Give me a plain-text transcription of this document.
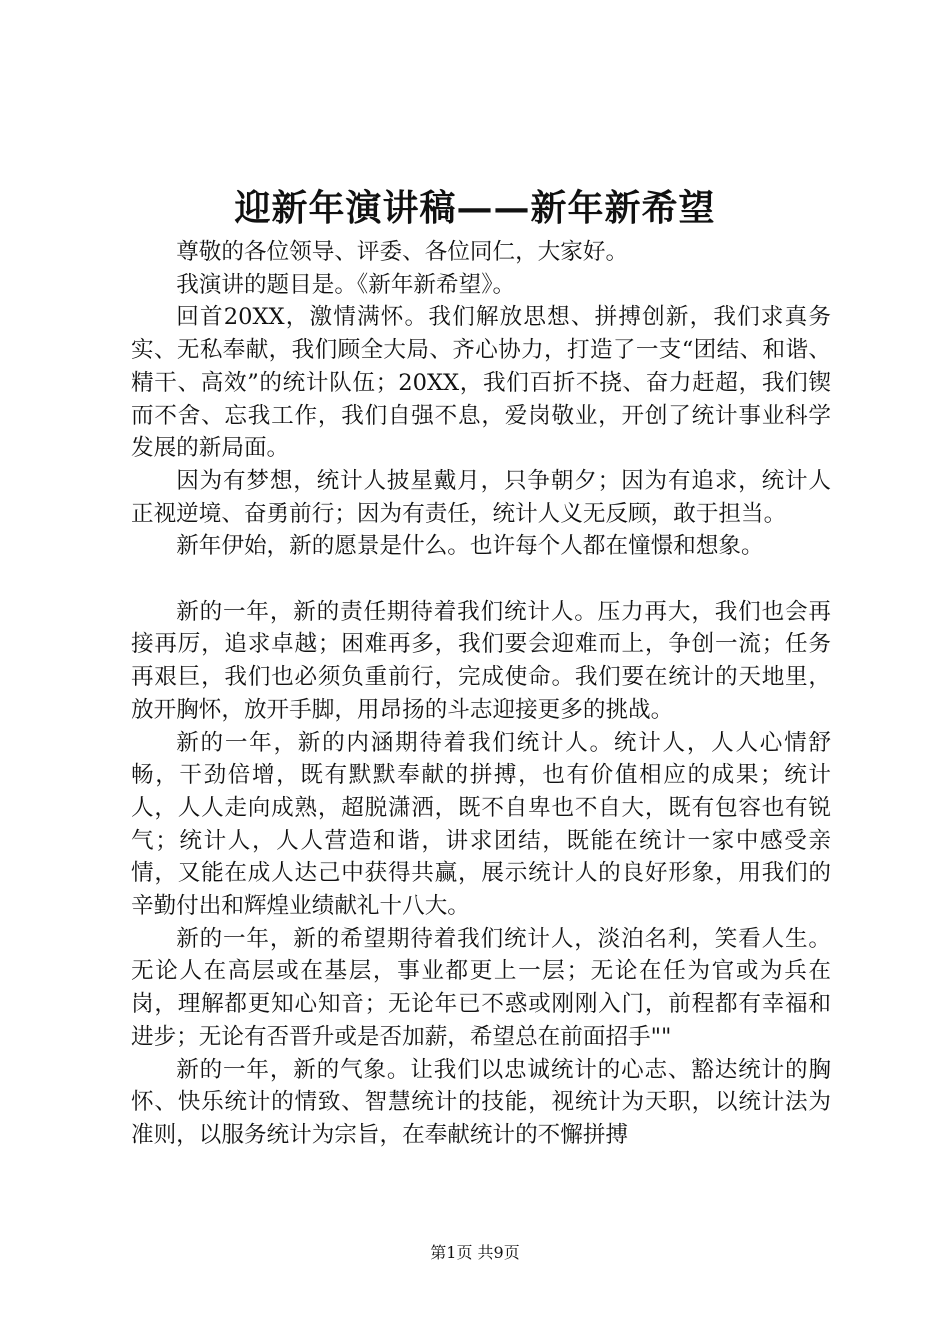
迎新年演讲稿——新年新希望

尊敬的各位领导、评委、各位同仁，大家好。

我演讲的题目是。《新年新希望》。

回首20XX，激情满怀。我们解放思想、拼搏创新，我们求真务实、无私奉献，我们顾全大局、齐心协力，打造了一支“团结、和谐、精干、高效”的统计队伍；20XX，我们百折不挠、奋力赶超，我们锲而不舍、忘我工作，我们自强不息，爱岗敬业，开创了统计事业科学发展的新局面。

因为有梦想，统计人披星戴月，只争朝夕；因为有追求，统计人正视逆境、奋勇前行；因为有责任，统计人义无反顾，敢于担当。

新年伊始，新的愿景是什么。也许每个人都在憧憬和想象。

新的一年，新的责任期待着我们统计人。压力再大，我们也会再接再厉，追求卓越；困难再多，我们要会迎难而上，争创一流；任务再艰巨，我们也必须负重前行，完成使命。我们要在统计的天地里，放开胸怀，放开手脚，用昂扬的斗志迎接更多的挑战。

新的一年，新的内涵期待着我们统计人。统计人，人人心情舒畅，干劲倍增，既有默默奉献的拼搏，也有价值相应的成果；统计人，人人走向成熟，超脱潇洒，既不自卑也不自大，既有包容也有锐气；统计人，人人营造和谐，讲求团结，既能在统计一家中感受亲情，又能在成人达己中获得共赢，展示统计人的良好形象，用我们的辛勤付出和辉煌业绩献礼十八大。

新的一年，新的希望期待着我们统计人，淡泊名利，笑看人生。无论人在高层或在基层，事业都更上一层；无论在任为官或为兵在岗，理解都更知心知音；无论年已不惑或刚刚入门，前程都有幸福和进步；无论有否晋升或是否加薪，希望总在前面招手""

新的一年，新的气象。让我们以忠诚统计的心志、豁达统计的胸怀、快乐统计的情致、智慧统计的技能，视统计为天职，以统计法为准则，以服务统计为宗旨，在奉献统计的不懈拼搏

第1页 共9页
